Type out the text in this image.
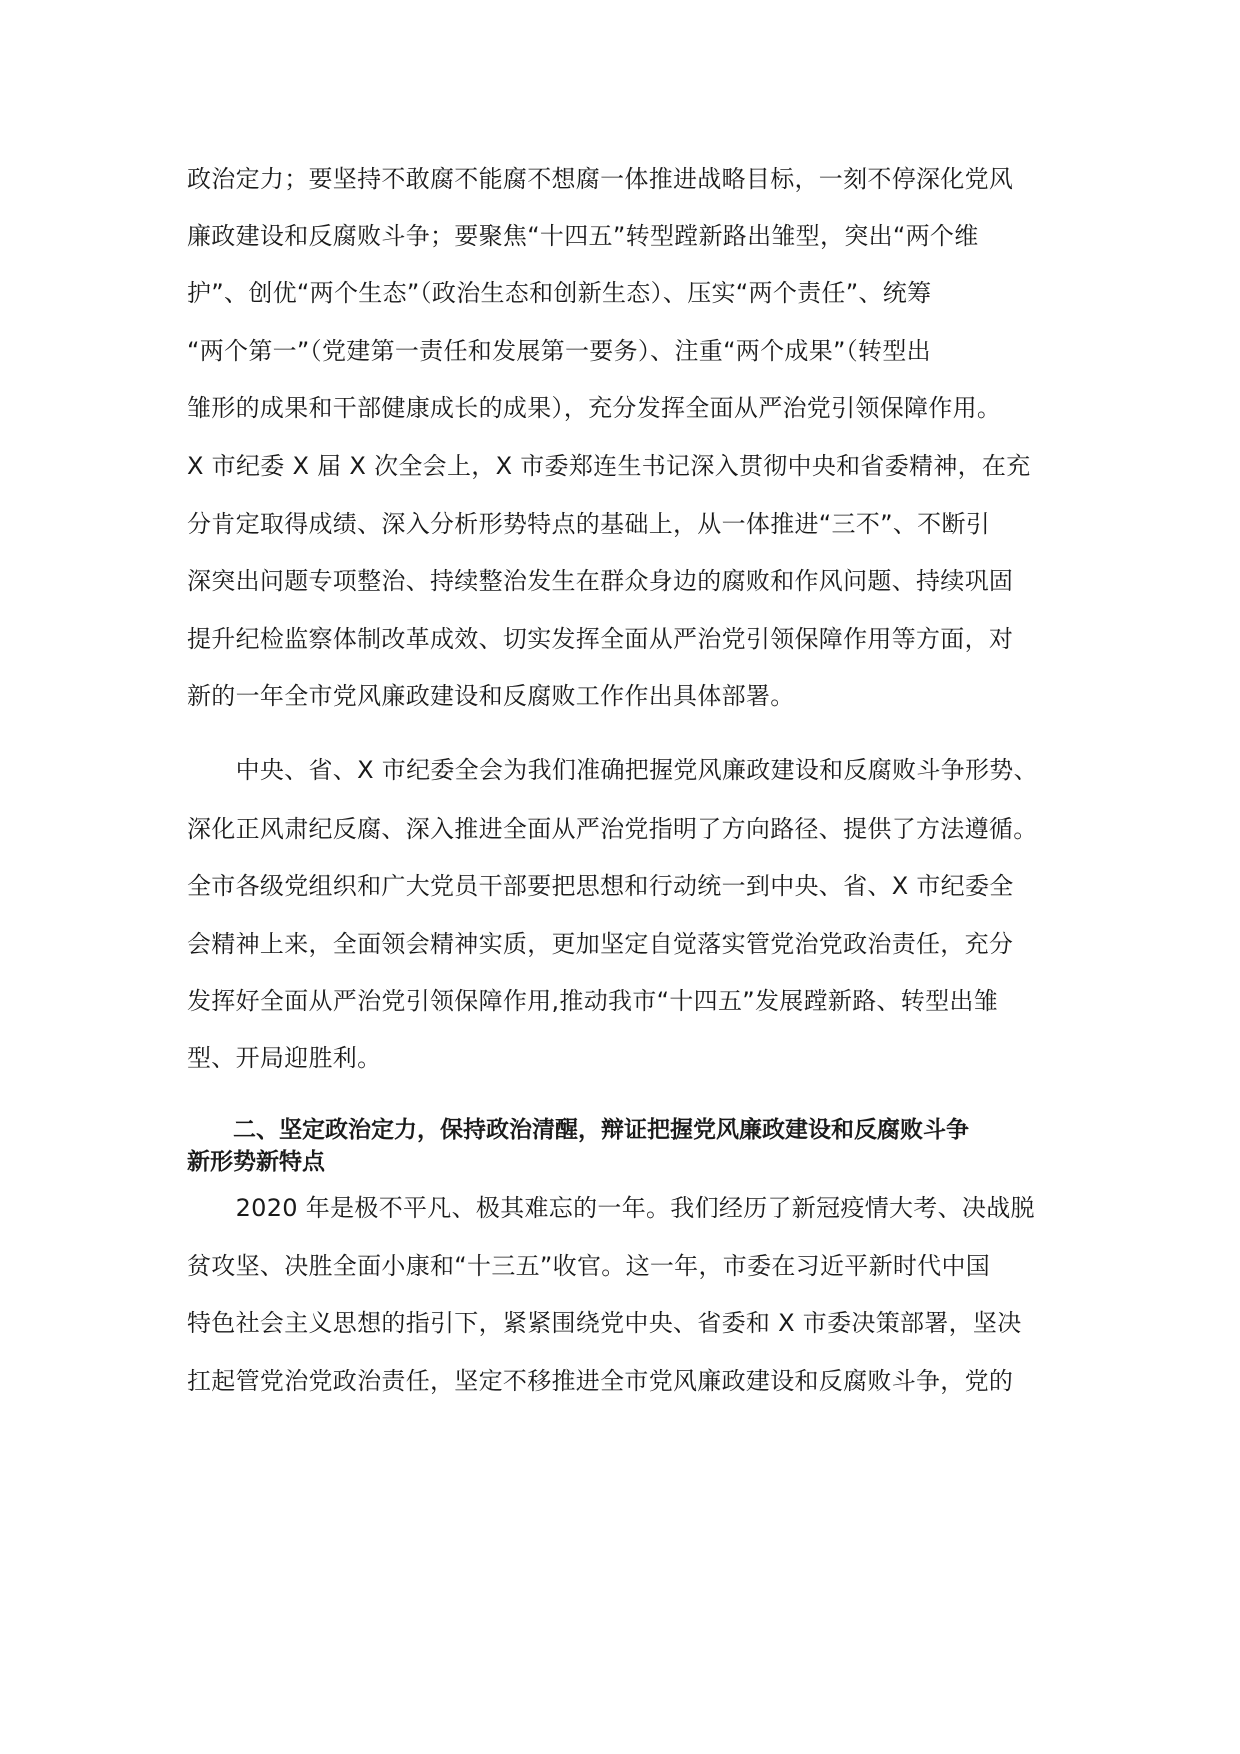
政治定力；要坚持不敢腐不能腐不想腐一体推进战略目标，一刻不停深化党风
廉政建设和反腐败斗争；要聚焦“十四五”转型蹚新路出雏型，突出“两个维
护”、创优“两个生态”（政治生态和创新生态）、压实“两个责任”、统筹
“两个第一”（党建第一责任和发展第一要务）、注重“两个成果”（转型出
雏形的成果和干部健康成长的成果），充分发挥全面从严治党引领保障作用。
X 市纪委 X 届 X 次全会上，X 市委郑连生书记深入贯彻中央和省委精神，在充
分肯定取得成绩、深入分析形势特点的基础上，从一体推进“三不”、不断引
深突出问题专项整治、持续整治发生在群众身边的腐败和作风问题、持续巩固
提升纪检监察体制改革成效、切实发挥全面从严治党引领保障作用等方面，对
新的一年全市党风廉政建设和反腐败工作作出具体部署。
　　中央、省、X 市纪委全会为我们准确把握党风廉政建设和反腐败斗争形势、
深化正风肃纪反腐、深入推进全面从严治党指明了方向路径、提供了方法遵循。
全市各级党组织和广大党员干部要把思想和行动统一到中央、省、X 市纪委全
会精神上来，全面领会精神实质，更加坚定自觉落实管党治党政治责任，充分
发挥好全面从严治党引领保障作用,推动我市“十四五”发展蹚新路、转型出雏
型、开局迎胜利。
　　二、坚定政治定力，保持政治清醒，辩证把握党风廉政建设和反腐败斗争
新形势新特点
　　2020 年是极不平凡、极其难忘的一年。我们经历了新冠疫情大考、决战脱
贫攻坚、决胜全面小康和“十三五”收官。这一年，市委在习近平新时代中国
特色社会主义思想的指引下，紧紧围绕党中央、省委和 X 市委决策部署，坚决
扛起管党治党政治责任，坚定不移推进全市党风廉政建设和反腐败斗争，党的
